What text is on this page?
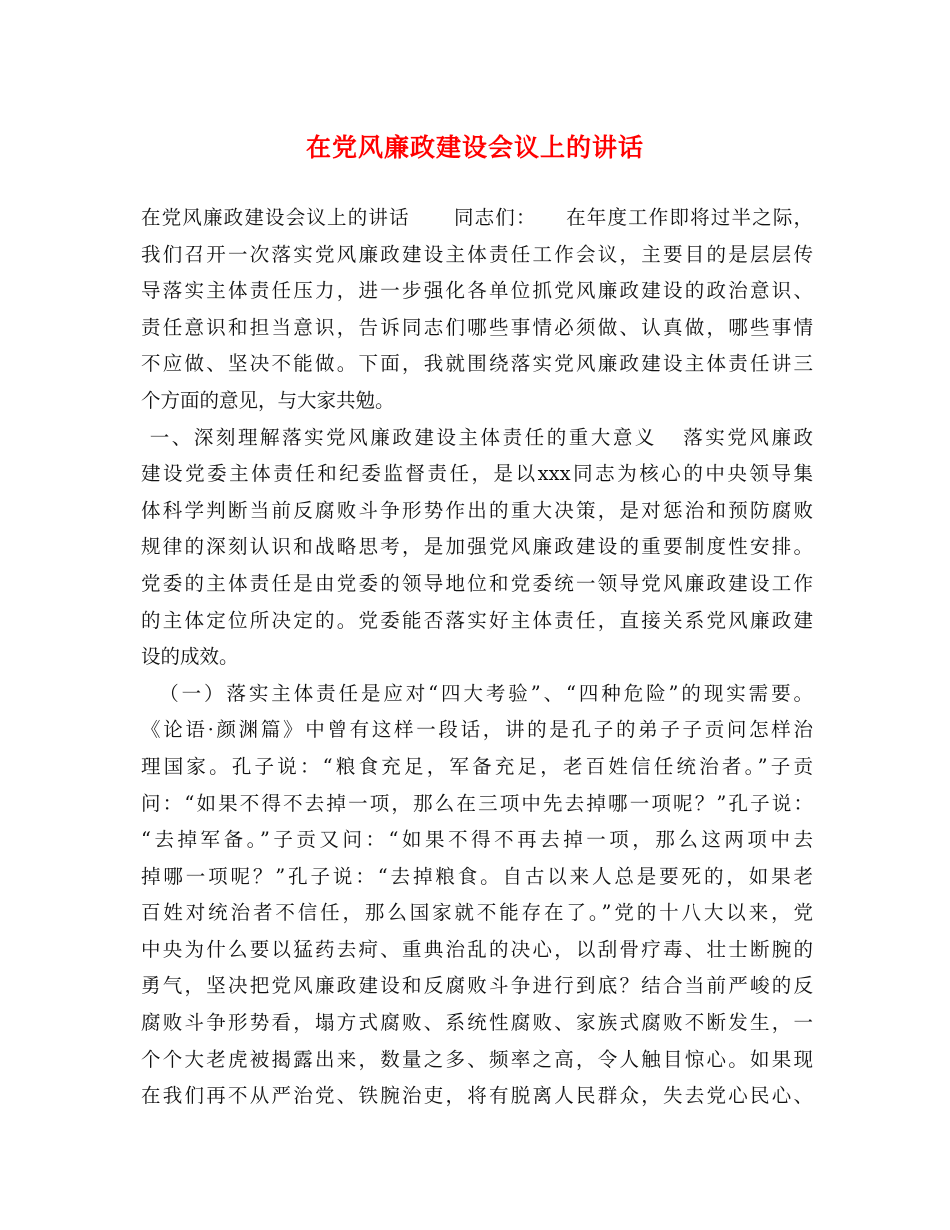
在党风廉政建设会议上的讲话
在党风廉政建设会议上的讲话      同志们：    在年度工作即将过半之际，
我们召开一次落实党风廉政建设主体责任工作会议，主要目的是层层传
导落实主体责任压力，进一步强化各单位抓党风廉政建设的政治意识、
责任意识和担当意识，告诉同志们哪些事情必须做、认真做，哪些事情
不应做、坚决不能做。下面，我就围绕落实党风廉政建设主体责任讲三
个方面的意见，与大家共勉。
一、深刻理解落实党风廉政建设主体责任的重大意义   落实党风廉政
建设党委主体责任和纪委监督责任，是以xxx同志为核心的中央领导集
体科学判断当前反腐败斗争形势作出的重大决策，是对惩治和预防腐败
规律的深刻认识和战略思考，是加强党风廉政建设的重要制度性安排。
党委的主体责任是由党委的领导地位和党委统一领导党风廉政建设工作
的主体定位所决定的。党委能否落实好主体责任，直接关系党风廉政建
设的成效。
（一）落实主体责任是应对“四大考验”、“四种危险”的现实需要。
《论语·颜渊篇》中曾有这样一段话，讲的是孔子的弟子子贡问怎样治
理国家。孔子说：“粮食充足，军备充足，老百姓信任统治者。”子贡
问：“如果不得不去掉一项，那么在三项中先去掉哪一项呢？”孔子说：
“去掉军备。”子贡又问：“如果不得不再去掉一项，那么这两项中去
掉哪一项呢？”孔子说：“去掉粮食。自古以来人总是要死的，如果老
百姓对统治者不信任，那么国家就不能存在了。”党的十八大以来，党
中央为什么要以猛药去疴、重典治乱的决心，以刮骨疗毒、壮士断腕的
勇气，坚决把党风廉政建设和反腐败斗争进行到底？结合当前严峻的反
腐败斗争形势看，塌方式腐败、系统性腐败、家族式腐败不断发生，一
个个大老虎被揭露出来，数量之多、频率之高，令人触目惊心。如果现
在我们再不从严治党、铁腕治吏，将有脱离人民群众，失去党心民心、
